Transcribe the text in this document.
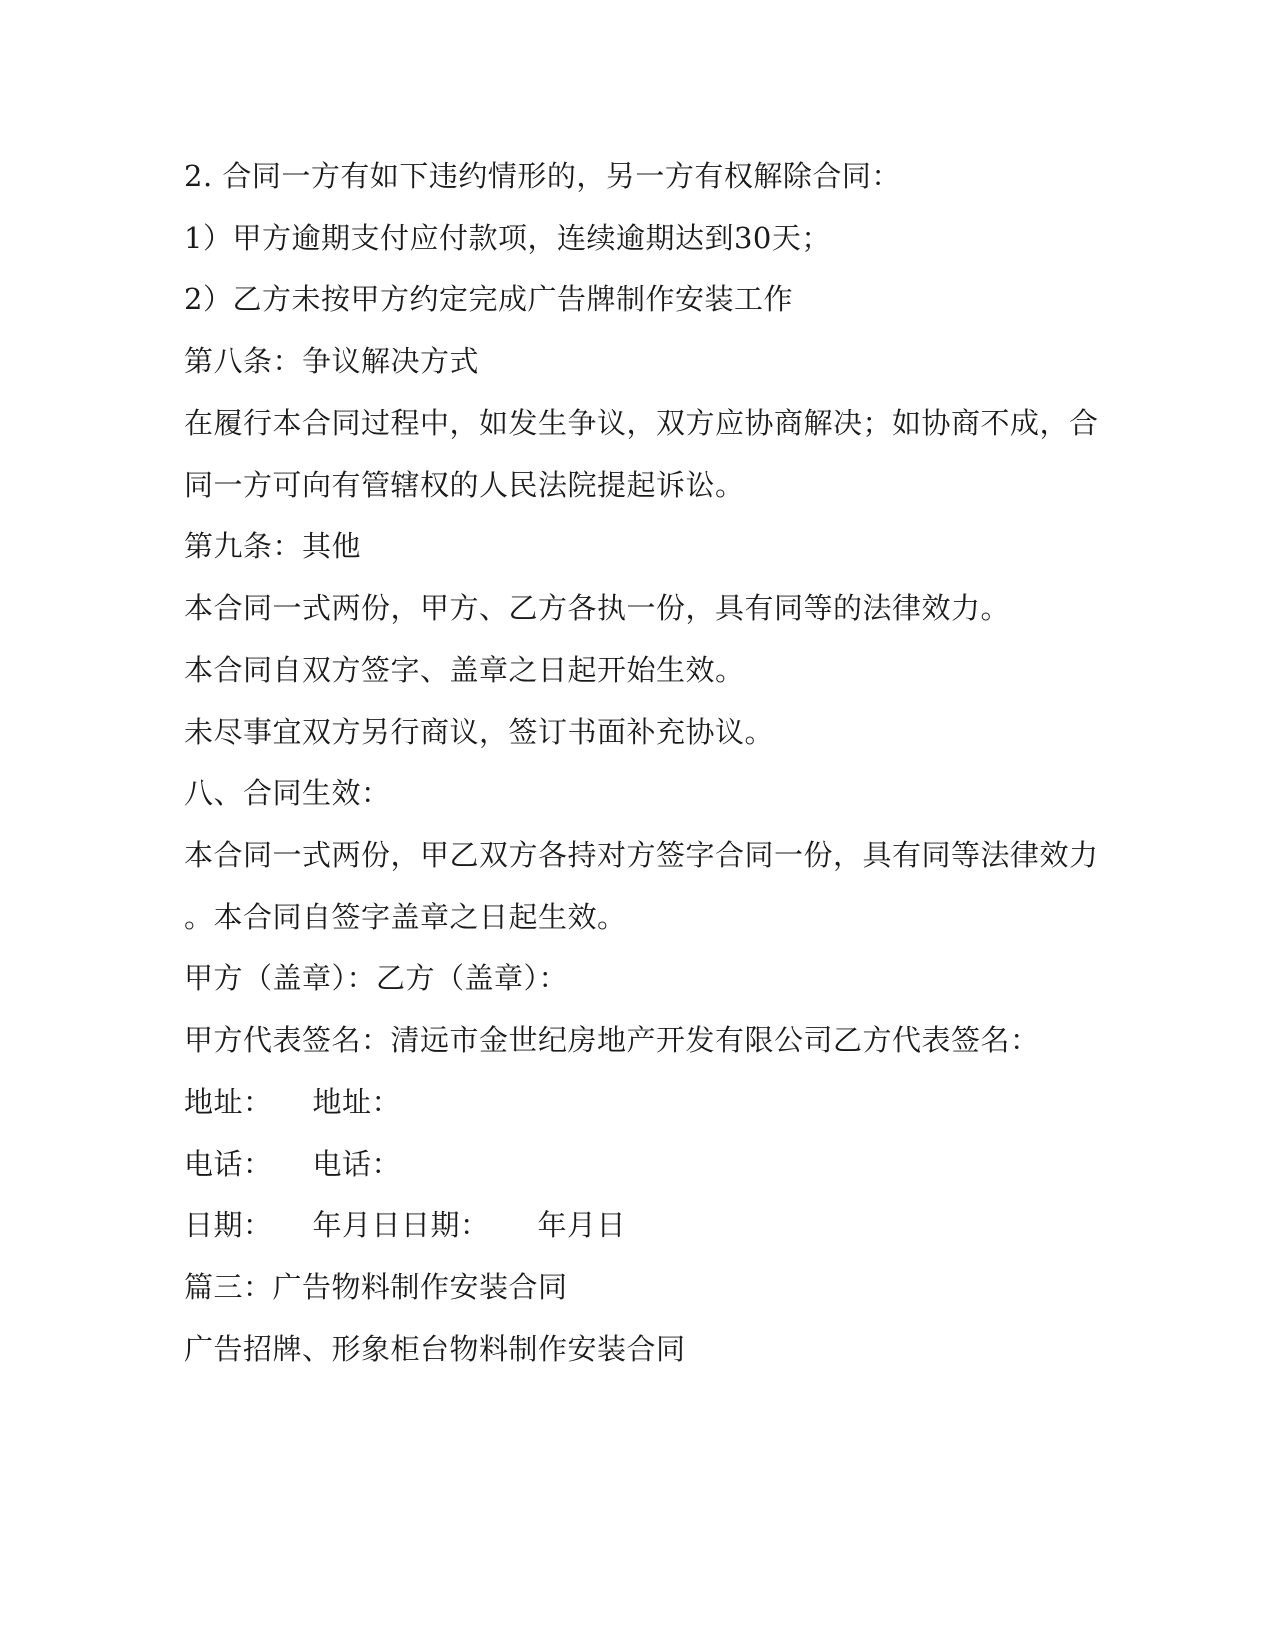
2. 合同一方有如下违约情形的，另一方有权解除合同：
1）甲方逾期支付应付款项，连续逾期达到30天；
2）乙方未按甲方约定完成广告牌制作安装工作
第八条：争议解决方式
在履行本合同过程中，如发生争议，双方应协商解决；如协商不成，合
同一方可向有管辖权的人民法院提起诉讼。
第九条：其他
本合同一式两份，甲方、乙方各执一份，具有同等的法律效力。
本合同自双方签字、盖章之日起开始生效。
未尽事宜双方另行商议，签订书面补充协议。
八、合同生效：
本合同一式两份，甲乙双方各持对方签字合同一份，具有同等法律效力
。本合同自签字盖章之日起生效。
甲方（盖章）：乙方（盖章）：
甲方代表签名：清远市金世纪房地产开发有限公司乙方代表签名：
地址： 地址：
电话： 电话：
日期： 年月日日期： 年月日
篇三：广告物料制作安装合同
广告招牌、形象柜台物料制作安装合同
